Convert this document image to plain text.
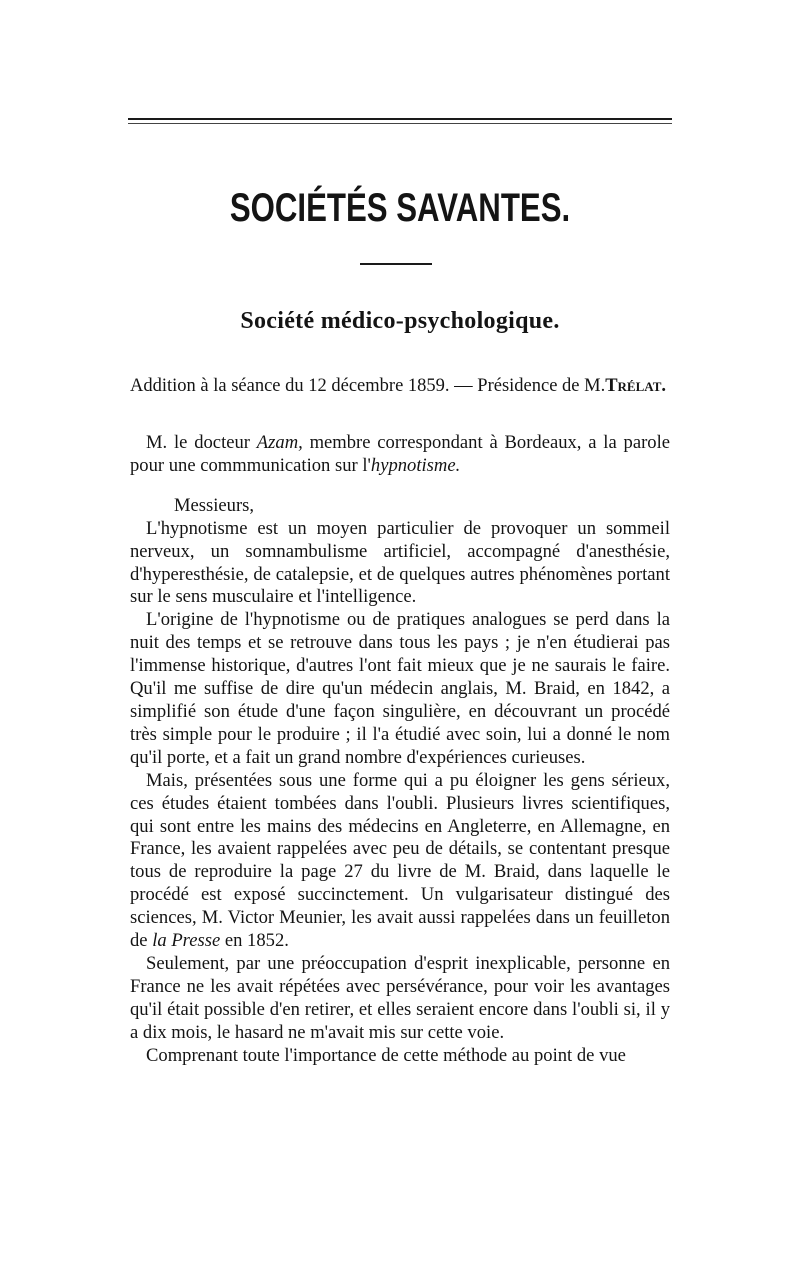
SOCIÉTÉS SAVANTES.
Société médico-psychologique.
Addition à la séance du 12 décembre 1859. — Présidence de M.Trélat.

M. le docteur Azam, membre correspondant à Bordeaux, a la parole pour une commmunication sur l'hypnotisme.

Messieurs,

L'hypnotisme est un moyen particulier de provoquer un sommeil nerveux, un somnambulisme artificiel, accompagné d'anesthésie, d'hyperesthésie, de catalepsie, et de quelques autres phénomènes portant sur le sens musculaire et l'intelligence.

L'origine de l'hypnotisme ou de pratiques analogues se perd dans la nuit des temps et se retrouve dans tous les pays ; je n'en étudierai pas l'immense historique, d'autres l'ont fait mieux que je ne saurais le faire. Qu'il me suffise de dire qu'un médecin anglais, M. Braid, en 1842, a simplifié son étude d'une façon singulière, en découvrant un procédé très simple pour le produire ; il l'a étudié avec soin, lui a donné le nom qu'il porte, et a fait un grand nombre d'expériences curieuses.

Mais, présentées sous une forme qui a pu éloigner les gens sérieux, ces études étaient tombées dans l'oubli. Plusieurs livres scientifiques, qui sont entre les mains des médecins en Angleterre, en Allemagne, en France, les avaient rappelées avec peu de détails, se contentant presque tous de reproduire la page 27 du livre de M. Braid, dans laquelle le procédé est exposé succinctement. Un vulgarisateur distingué des sciences, M. Victor Meunier, les avait aussi rappelées dans un feuilleton de la Presse en 1852.

Seulement, par une préoccupation d'esprit inexplicable, personne en France ne les avait répétées avec persévérance, pour voir les avantages qu'il était possible d'en retirer, et elles seraient encore dans l'oubli si, il y a dix mois, le hasard ne m'avait mis sur cette voie.

Comprenant toute l'importance de cette méthode au point de vue
